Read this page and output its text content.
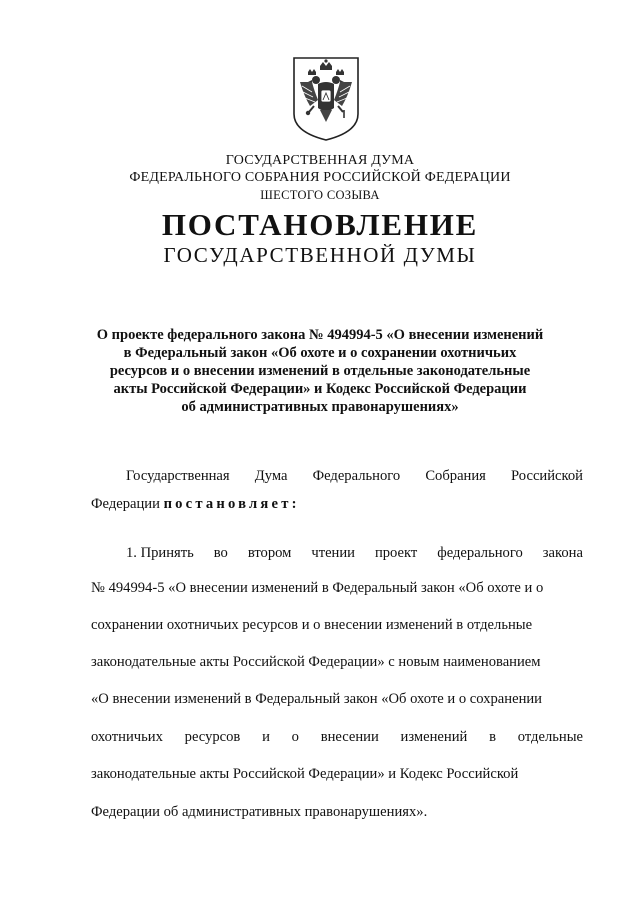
ГОСУДАРСТВЕННАЯ ДУМА
ФЕДЕРАЛЬНОГО СОБРАНИЯ РОССИЙСКОЙ ФЕДЕРАЦИИ
ШЕСТОГО СОЗЫВА
ПОСТАНОВЛЕНИЕ
ГОСУДАРСТВЕННОЙ ДУМЫ
О проекте федерального закона № 494994-5 «О внесении изменений
в Федеральный закон «Об охоте и о сохранении охотничьих
ресурсов и о внесении изменений в отдельные законодательные
акты Российской Федерации» и Кодекс Российской Федерации
об административных правонарушениях»
Государственная Дума Федерального Собрания Российской
Федерации постановляет:
1. Принять во втором чтении проект федерального закона
№ 494994-5 «О внесении изменений в Федеральный закон «Об охоте и о
сохранении охотничьих ресурсов и о внесении изменений в отдельные
законодательные акты Российской Федерации» с новым наименованием
«О внесении изменений в Федеральный закон «Об охоте и о сохранении
охотничьих ресурсов и о внесении изменений в отдельные
законодательные акты Российской Федерации» и Кодекс Российской
Федерации об административных правонарушениях».
